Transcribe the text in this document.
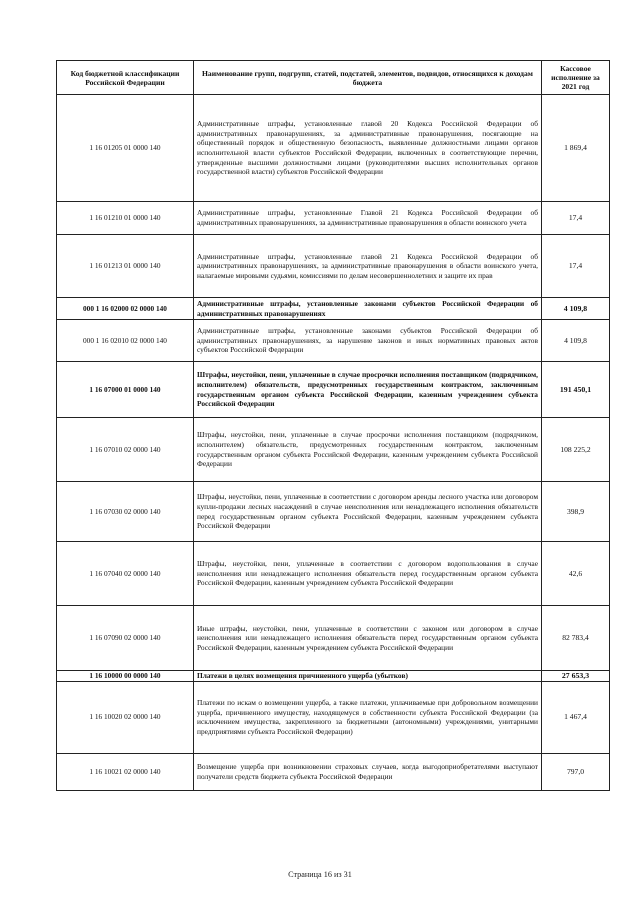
Код бюджетной классификации Российской Федерации	Наименование групп, подгрупп, статей, подстатей, элементов, подвидов, относящихся к доходам бюджета	Кассовое исполнение за 2021 год
1 16 01205 01 0000 140	Административные штрафы, установленные главой 20 Кодекса Российской Федерации об административных правонарушениях, за административные правонарушения, посягающие на общественный порядок и общественную безопасность, выявленные должностными лицами органов исполнительной власти субъектов Российской Федерации, включенных в соответствующие перечни, утвержденные высшими должностными лицами (руководителями высших исполнительных органов государственной власти) субъектов Российской Федерации	1 869,4
1 16 01210 01 0000 140	Административные штрафы, установленные Главой 21 Кодекса Российской Федерации об административных правонарушениях, за административные правонарушения в области воинского учета	17,4
1 16 01213 01 0000 140	Административные штрафы, установленные главой 21 Кодекса Российской Федерации об административных правонарушениях, за административные правонарушения в области воинского учета, налагаемые мировыми судьями, комиссиями по делам несовершеннолетних и защите их прав	17,4
000 1 16 02000 02 0000 140	Административные штрафы, установленные законами субъектов Российской Федерации об административных правонарушениях	4 109,8
000 1 16 02010 02 0000 140	Административные штрафы, установленные законами субъектов Российской Федерации об административных правонарушениях, за нарушение законов и иных нормативных правовых актов субъектов Российской Федерации	4 109,8
1 16 07000 01 0000 140	Штрафы, неустойки, пени, уплаченные в случае просрочки исполнения поставщиком (подрядчиком, исполнителем) обязательств, предусмотренных государственным контрактом, заключенным государственным органом субъекта Российской Федерации, казенным учреждением субъекта Российской Федерации	191 450,1
1 16 07010 02 0000 140	Штрафы, неустойки, пени, уплаченные в случае просрочки исполнения поставщиком (подрядчиком, исполнителем) обязательств, предусмотренных государственным контрактом, заключенным государственным органом субъекта Российской Федерации, казенным учреждением субъекта Российской Федерации	108 225,2
1 16 07030 02 0000 140	Штрафы, неустойки, пени, уплаченные в соответствии с договором аренды лесного участка или договором купли-продажи лесных насаждений в случае неисполнения или ненадлежащего исполнения обязательств перед государственным органом субъекта Российской Федерации, казенным учреждением субъекта Российской Федерации	398,9
1 16 07040 02 0000 140	Штрафы, неустойки, пени, уплаченные в соответствии с договором водопользования в случае неисполнения или ненадлежащего исполнения обязательств перед государственным органом субъекта Российской Федерации, казенным учреждением субъекта Российской Федерации	42,6
1 16 07090 02 0000 140	Иные штрафы, неустойки, пени, уплаченные в соответствии с законом или договором в случае неисполнения или ненадлежащего исполнения обязательств перед государственным органом субъекта Российской Федерации, казенным учреждением субъекта Российской Федерации	82 783,4
1 16 10000 00 0000 140	Платежи в целях возмещения причиненного ущерба (убытков)	27 653,3
1 16 10020 02 0000 140	Платежи по искам о возмещении ущерба, а также платежи, уплачиваемые при добровольном возмещении ущерба, причиненного имуществу, находящемуся в собственности субъекта Российской Федерации (за исключением имущества, закрепленного за бюджетными (автономными) учреждениями, унитарными предприятиями субъекта Российской Федерации)	1 467,4
1 16 10021 02 0000 140	Возмещение ущерба при возникновении страховых случаев, когда выгодоприобретателями выступают получатели средств бюджета субъекта Российской Федерации	797,0
Страница 16 из 31
